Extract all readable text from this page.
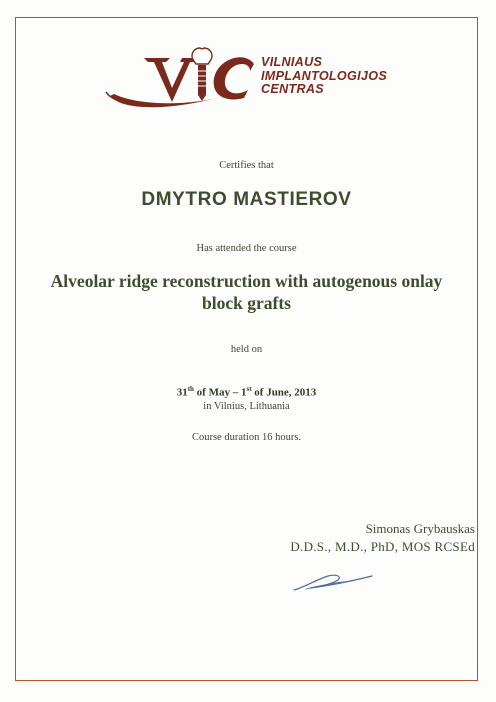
VILNIAUS
IMPLANTOLOGIJOS
CENTRAS
Certifies that
DMYTRO MASTIEROV
Has attended the course
Alveolar ridge reconstruction with autogenous onlay
block grafts
held on
31th of May – 1st of June, 2013
in Vilnius, Lithuania
Course duration 16 hours.
Simonas Grybauskas
D.D.S., M.D., PhD, MOS RCSEd
